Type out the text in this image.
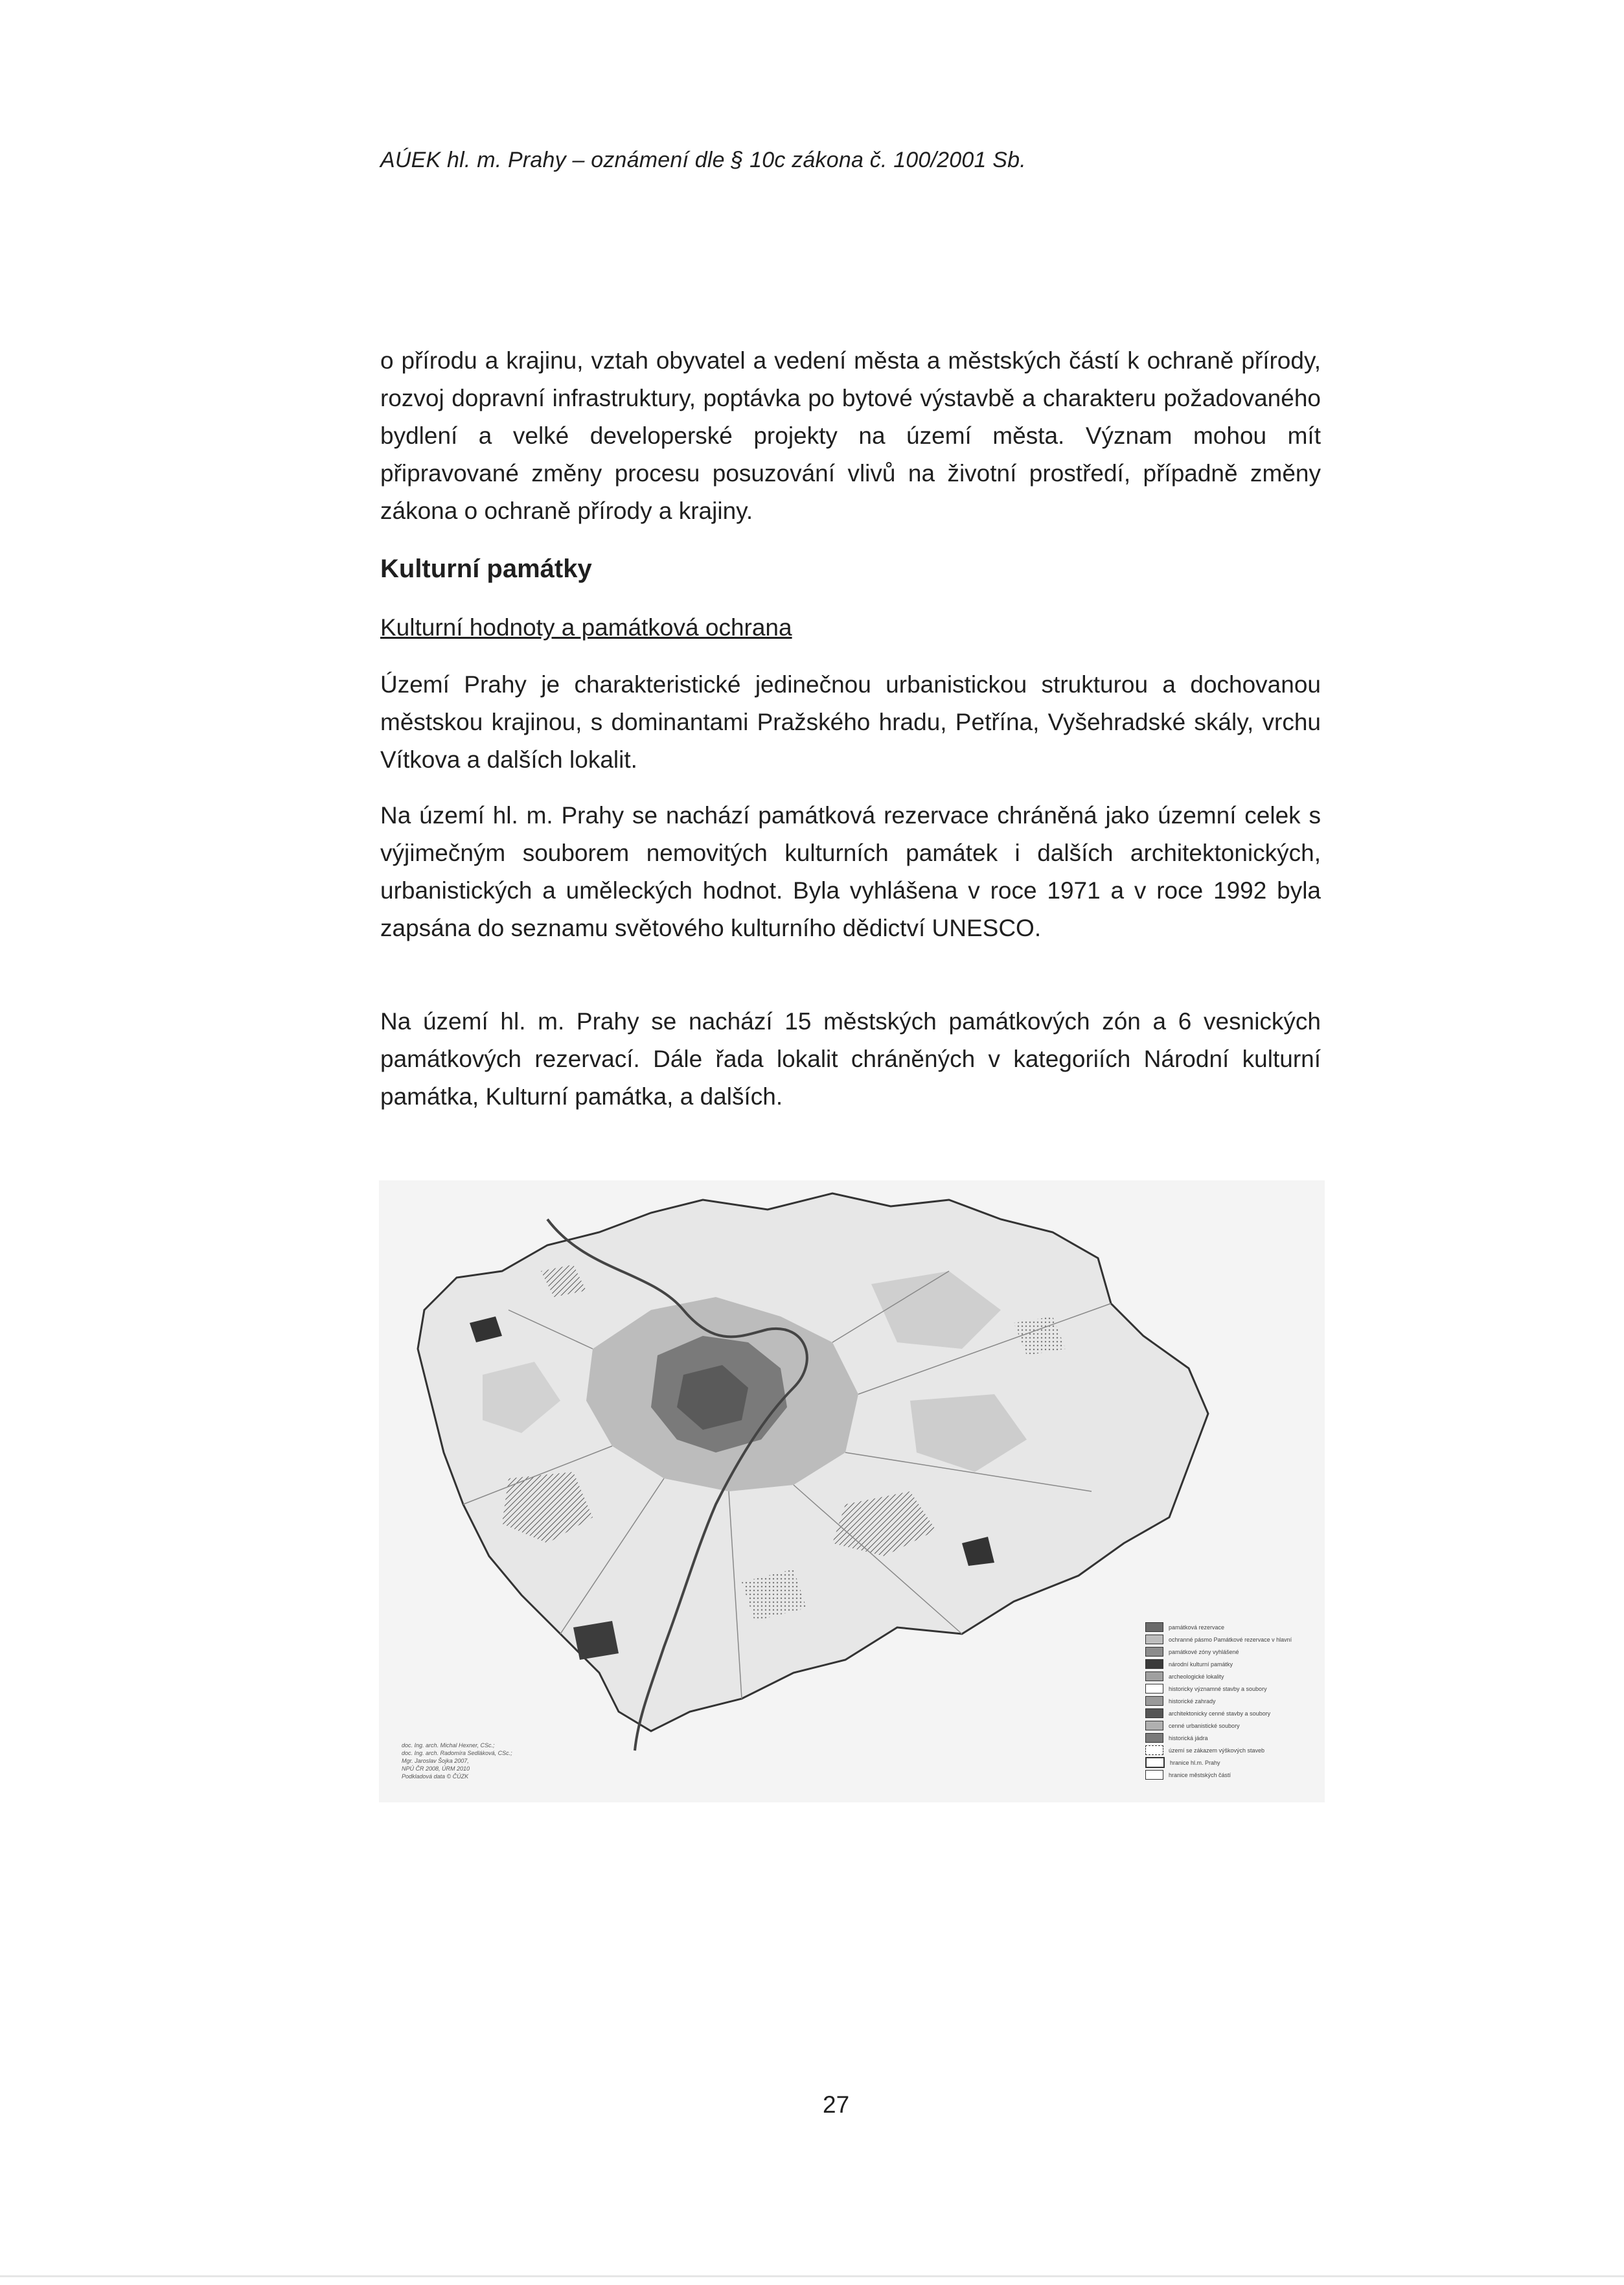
AÚEK hl. m. Prahy – oznámení dle § 10c zákona č. 100/2001 Sb.

o přírodu a krajinu, vztah obyvatel a vedení města a městských částí k ochraně přírody, rozvoj dopravní infrastruktury, poptávka po bytové výstavbě a charakteru požadovaného bydlení a velké developerské projekty na území města. Význam mohou mít připravované změny procesu posuzování vlivů na životní prostředí, případně změny zákona o ochraně přírody a krajiny.

Kulturní památky
Kulturní hodnoty a památková ochrana

Území Prahy je charakteristické jedinečnou urbanistickou strukturou a dochovanou městskou krajinou, s dominantami Pražského hradu, Petřína, Vyšehradské skály, vrchu Vítkova a dalších lokalit.

Na území hl. m. Prahy se nachází památková rezervace chráněná jako územní celek s výjimečným souborem nemovitých kulturních památek i dalších architektonických, urbanistických a uměleckých hodnot. Byla vyhlášena v roce 1971 a v roce 1992 byla zapsána do seznamu světového kulturního dědictví UNESCO.

Na území hl. m. Prahy se nachází 15 městských památkových zón a 6 vesnických památkových rezervací. Dále řada lokalit chráněných v kategoriích Národní kulturní památka, Kulturní památka, a dalších.

památková rezervace
ochranné pásmo Památkové rezervace v hlavní
památkové zóny vyhlášené
národní kulturní památky
archeologické lokality
historicky významné stavby a soubory
historické zahrady
architektonicky cenné stavby a soubory
cenné urbanistické soubory
historická jádra
území se zákazem výškových staveb
hranice hl.m. Prahy
hranice městských částí
doc. Ing. arch. Michal Hexner, CSc.;
doc. Ing. arch. Radomíra Sedláková, CSc.;
Mgr. Jaroslav Šojka 2007,
NPÚ ČR 2008, ÚRM 2010
Podkladová data © ČÚZK
27
